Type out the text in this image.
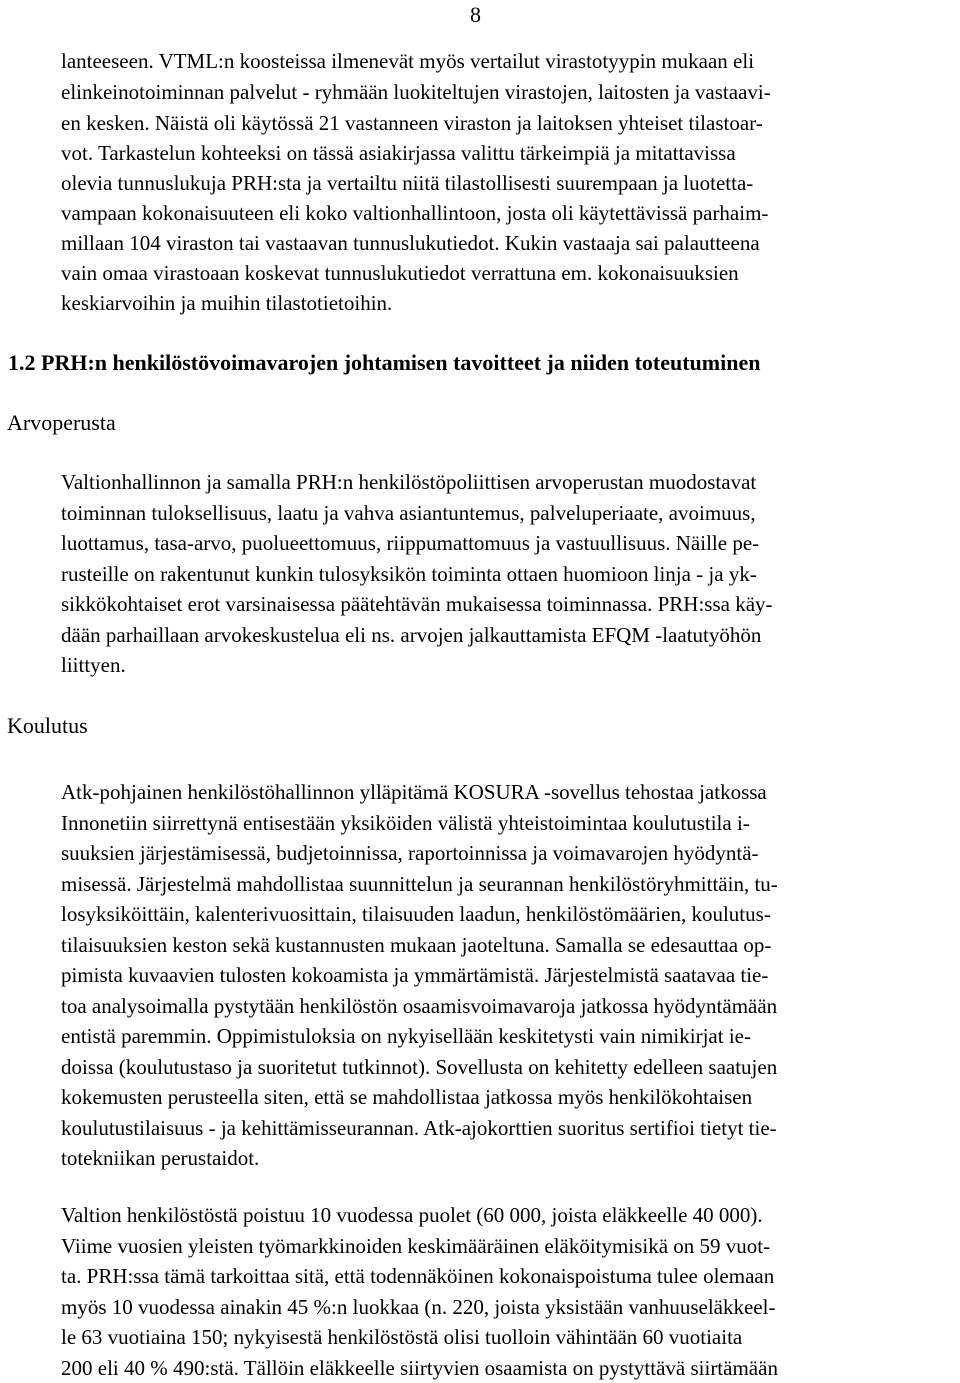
8
lanteeseen. VTML:n koosteissa ilmenevät myös vertailut virastotyypin mukaan eli
elinkeinotoiminnan palvelut - ryhmään luokiteltujen virastojen, laitosten ja vastaavi-
en kesken. Näistä oli käytössä 21 vastanneen viraston ja laitoksen yhteiset tilastoar-
vot. Tarkastelun kohteeksi on tässä asiakirjassa valittu tärkeimpiä ja mitattavissa
olevia tunnuslukuja PRH:sta ja vertailtu niitä tilastollisesti suurempaan ja luotetta-
vampaan kokonaisuuteen eli koko valtionhallintoon, josta oli käytettävissä parhaim-
millaan 104 viraston tai vastaavan tunnuslukutiedot. Kukin vastaaja sai palautteena
vain omaa virastoaan koskevat tunnuslukutiedot verrattuna em. kokonaisuuksien
keskiarvoihin ja muihin tilastotietoihin.
1.2 PRH:n henkilöstövoimavarojen johtamisen tavoitteet ja niiden toteutuminen
Arvoperusta
Valtionhallinnon ja samalla PRH:n henkilöstöpoliittisen arvoperustan muodostavat
toiminnan tuloksellisuus, laatu ja vahva asiantuntemus, palveluperiaate, avoimuus,
luottamus, tasa-arvo, puolueettomuus, riippumattomuus ja vastuullisuus. Näille pe-
rusteille on rakentunut kunkin tulosyksikön toiminta ottaen huomioon linja - ja yk-
sikkökohtaiset erot varsinaisessa päätehtävän mukaisessa toiminnassa. PRH:ssa käy-
dään parhaillaan arvokeskustelua eli ns. arvojen jalkauttamista EFQM -laatutyöhön
liittyen.
Koulutus
Atk-pohjainen henkilöstöhallinnon ylläpitämä KOSURA -sovellus tehostaa jatkossa
Innonetiin siirrettynä entisestään yksiköiden välistä yhteistoimintaa koulutustila i-
suuksien järjestämisessä, budjetoinnissa, raportoinnissa ja voimavarojen hyödyntä-
misessä. Järjestelmä mahdollistaa suunnittelun ja seurannan henkilöstöryhmittäin, tu-
losyksiköittäin, kalenterivuosittain, tilaisuuden laadun, henkilöstömäärien, koulutus-
tilaisuuksien keston sekä kustannusten mukaan jaoteltuna. Samalla se edesauttaa op-
pimista kuvaavien tulosten kokoamista ja ymmärtämistä. Järjestelmistä saatavaa tie-
toa analysoimalla pystytään henkilöstön osaamisvoimavaroja jatkossa hyödyntämään
entistä paremmin. Oppimistuloksia on nykyisellään keskitetysti vain nimikirjat ie-
doissa (koulutustaso ja suoritetut tutkinnot). Sovellusta on kehitetty edelleen saatujen
kokemusten perusteella siten, että se mahdollistaa jatkossa myös henkilökohtaisen
koulutustilaisuus - ja kehittämisseurannan. Atk-ajokorttien suoritus sertifioi tietyt tie-
totekniikan perustaidot.
Valtion henkilöstöstä poistuu 10 vuodessa puolet (60 000, joista eläkkeelle 40 000).
Viime vuosien yleisten työmarkkinoiden keskimääräinen eläköitymisikä on 59 vuot-
ta. PRH:ssa tämä tarkoittaa sitä, että todennäköinen kokonaispoistuma tulee olemaan
myös 10 vuodessa ainakin 45 %:n luokkaa (n. 220, joista yksistään vanhuuseläkkeel-
le 63 vuotiaina 150; nykyisestä henkilöstöstä olisi tuolloin vähintään 60 vuotiaita
200 eli 40 % 490:stä. Tällöin eläkkeelle siirtyvien osaamista on pystyttävä siirtämään
